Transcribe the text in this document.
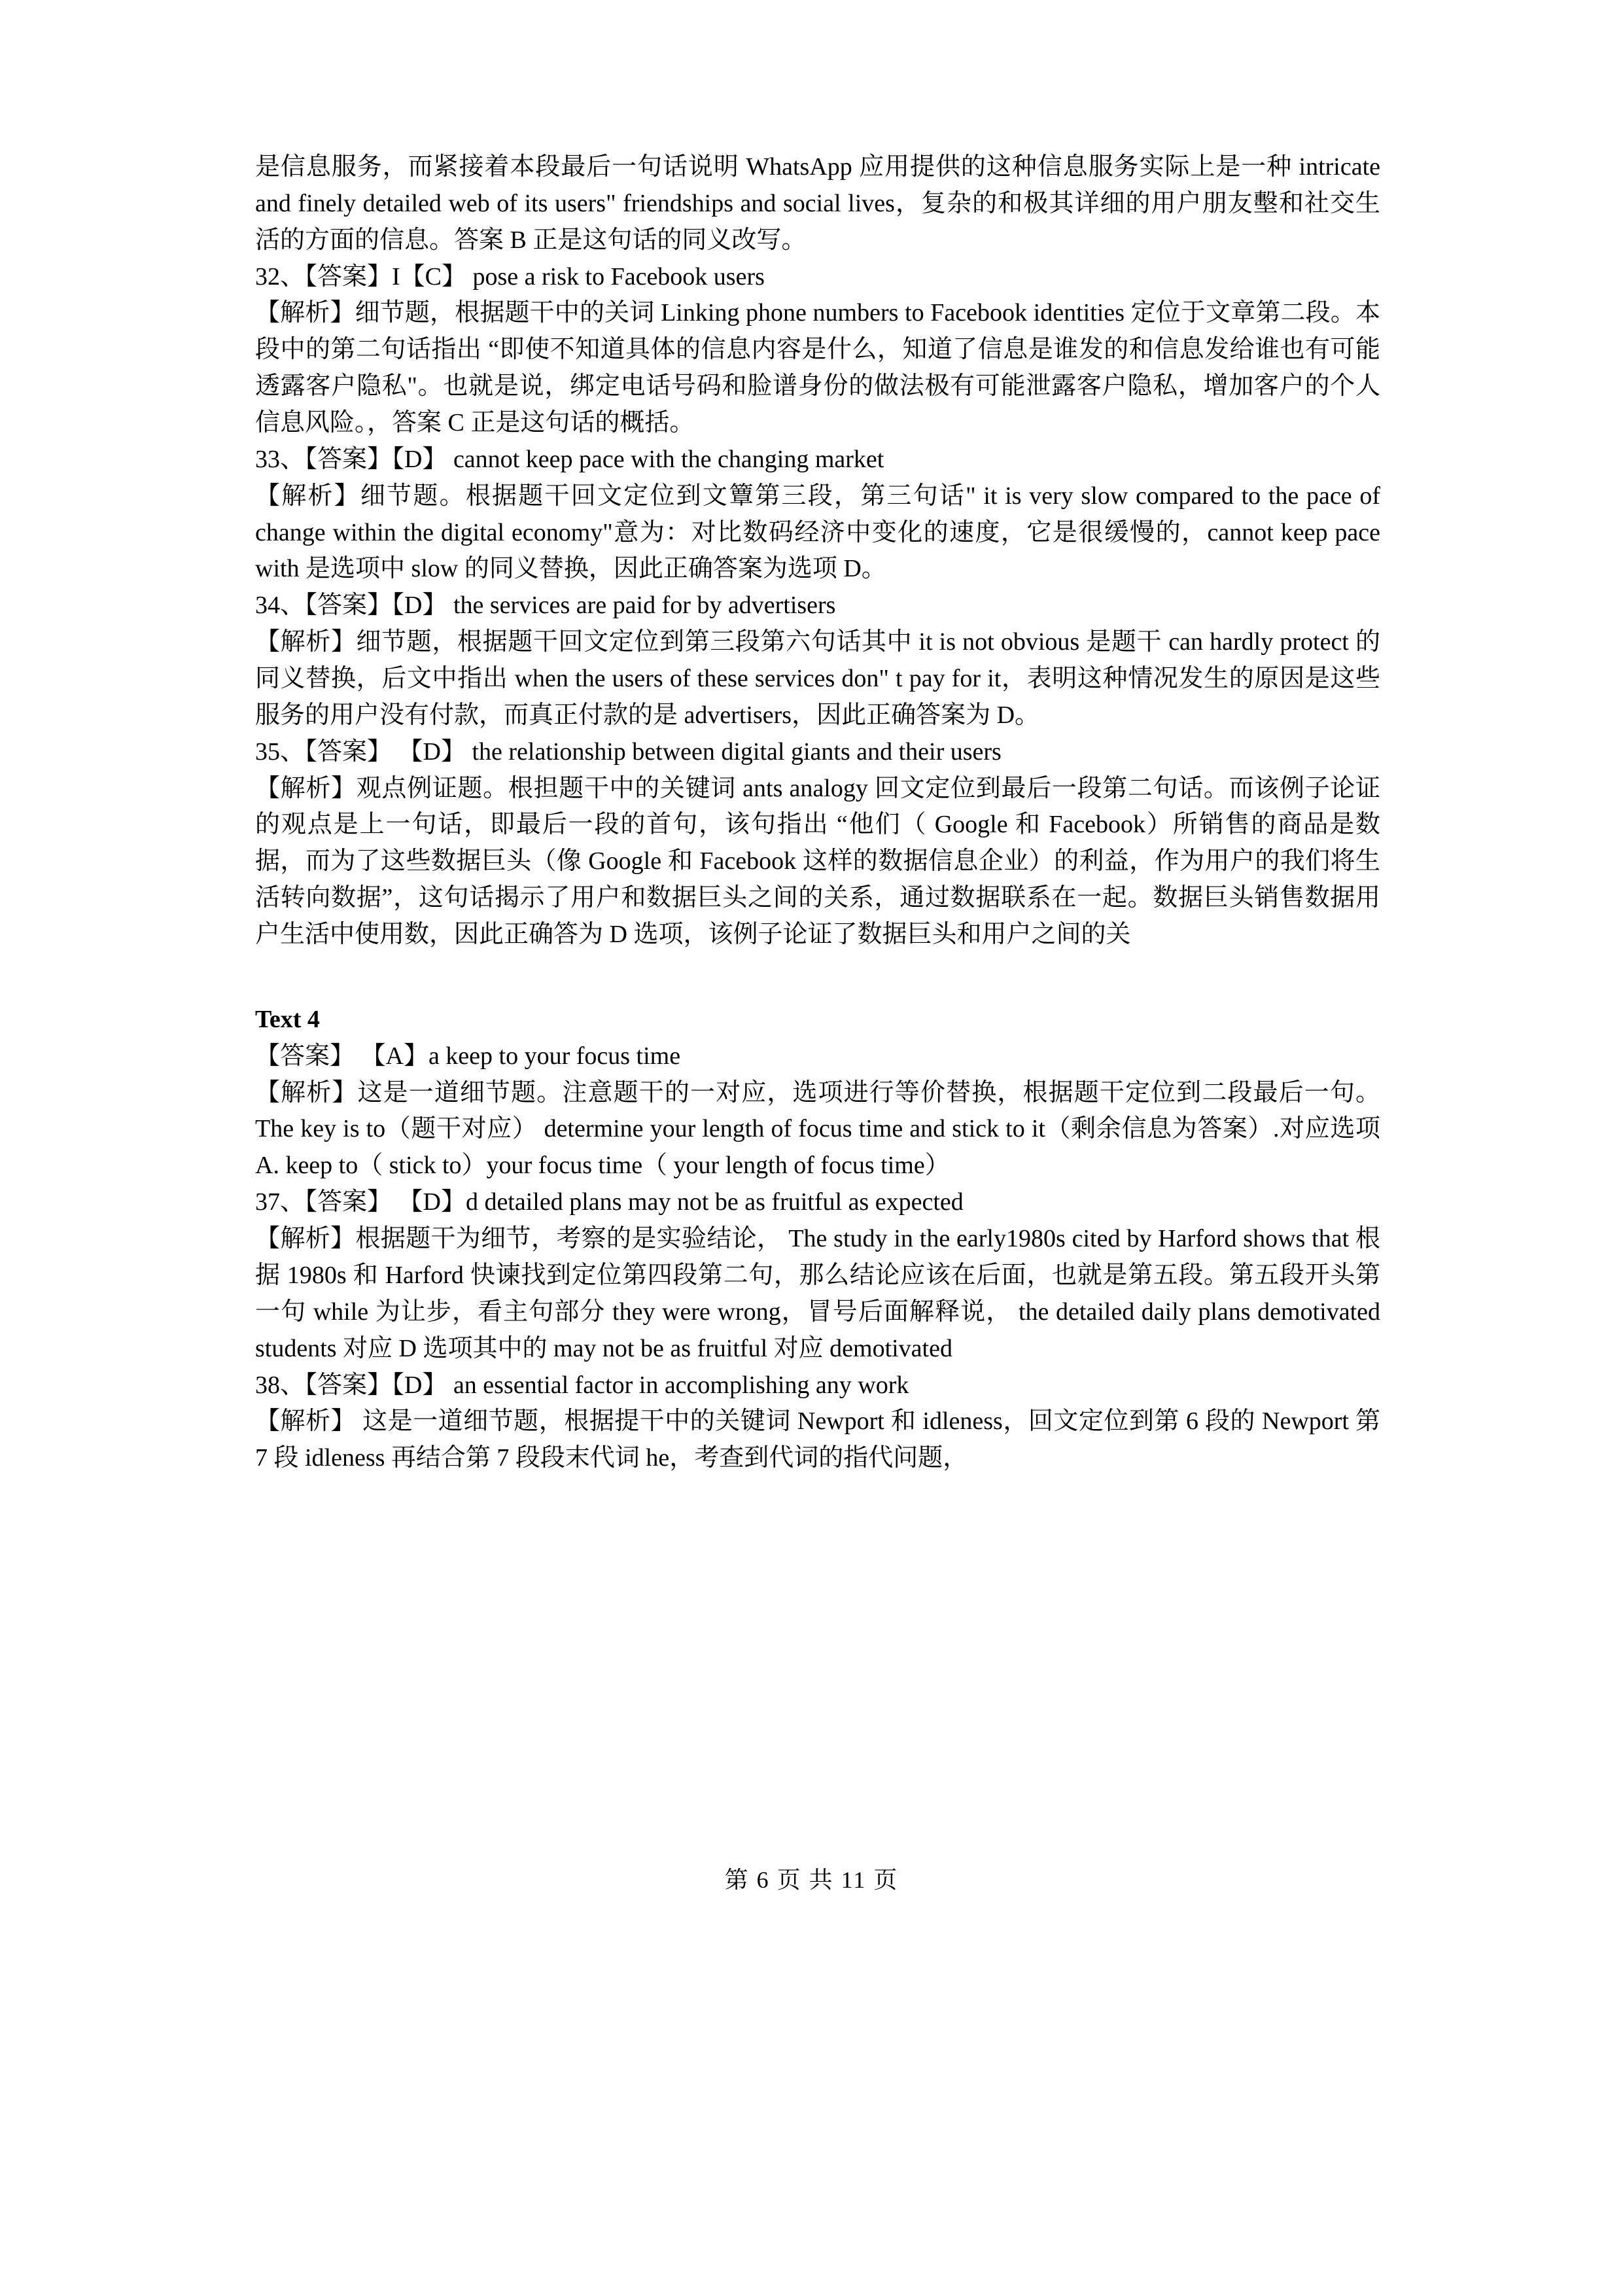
是信息服务，而紧接着本段最后一句话说明 WhatsApp 应用提供的这种信息服务实际上是一种 intricate and finely detailed web of its users" friendships and social lives，复杂的和极其详细的用户朋友墼和社交生活的方面的信息。答案 B 正是这句话的同义改写。

32、【答案】I【C】 pose a risk to Facebook users

【解析】细节题，根据题干中的关词 Linking phone numbers to Facebook identities 定位于文章第二段。本段中的第二句话指出 “即使不知道具体的信息内容是什么，知道了信息是谁发的和信息发给谁也有可能透露客户隐私"。也就是说，绑定电话号码和脸谱身份的做法极有可能泄露客户隐私，增加客户的个人信息风险。，答案 C 正是这句话的概括。

33、【答案】【D】 cannot keep pace with the changing market

【解析】细节题。根据题干回文定位到文簟第三段，第三句话" it is very slow compared to the pace of change within the digital economy"意为：对比数码经济中变化的速度，它是很缓慢的，cannot keep pace with 是选项中 slow 的同义替换，因此正确答案为选项 D。

34、【答案】【D】 the services are paid for by advertisers

【解析】细节题，根据题干回文定位到第三段第六句话其中 it is not obvious 是题干 can hardly protect 的同义替换，后文中指出 when the users of these services don" t pay for it，表明这种情况发生的原因是这些服务的用户没有付款，而真正付款的是 advertisers，因此正确答案为 D。

35、【答案】 【D】 the relationship between digital giants and their users

【解析】观点例证题。根担题干中的关键词 ants analogy 回文定位到最后一段第二句话。而该例子论证的观点是上一句话，即最后一段的首句，该句指出 “他们（ Google 和 Facebook）所销售的商品是数据，而为了这些数据巨头（像 Google 和 Facebook 这样的数据信息企业）的利益，作为用户的我们将生活转向数据”，这句话揭示了用户和数据巨头之间的关系，通过数据联系在一起。数据巨头销售数据用户生活中使用数，因此正确答为 D 选项，该例子论证了数据巨头和用户之间的关

Text 4

【答案】 【A】a keep to your focus time

【解析】这是一道细节题。注意题干的一对应，选项进行等价替换，根据题干定位到二段最后一句。 The key is to（题干对应） determine your length of focus time and stick to it（剩余信息为答案）.对应选项 A. keep to（ stick to）your focus time（ your length of focus time）

37、【答案】 【D】d detailed plans may not be as fruitful as expected

【解析】根据题干为细节，考察的是实验结论， The study in the early1980s cited by Harford shows that 根据 1980s 和 Harford 快谏找到定位第四段第二句，那么结论应该在后面，也就是第五段。第五段开头第一句 while 为让步，看主句部分 they were wrong，冒号后面解释说， the detailed daily plans demotivated students 对应 D 选项其中的 may not be as fruitful 对应 demotivated

38、【答案】【D】 an essential factor in accomplishing any work

【解析】 这是一道细节题，根据提干中的关键词 Newport 和 idleness，回文定位到第 6 段的 Newport 第 7 段 idleness 再结合第 7 段段末代词 he，考查到代词的指代问题，

第 6 页 共 11 页
